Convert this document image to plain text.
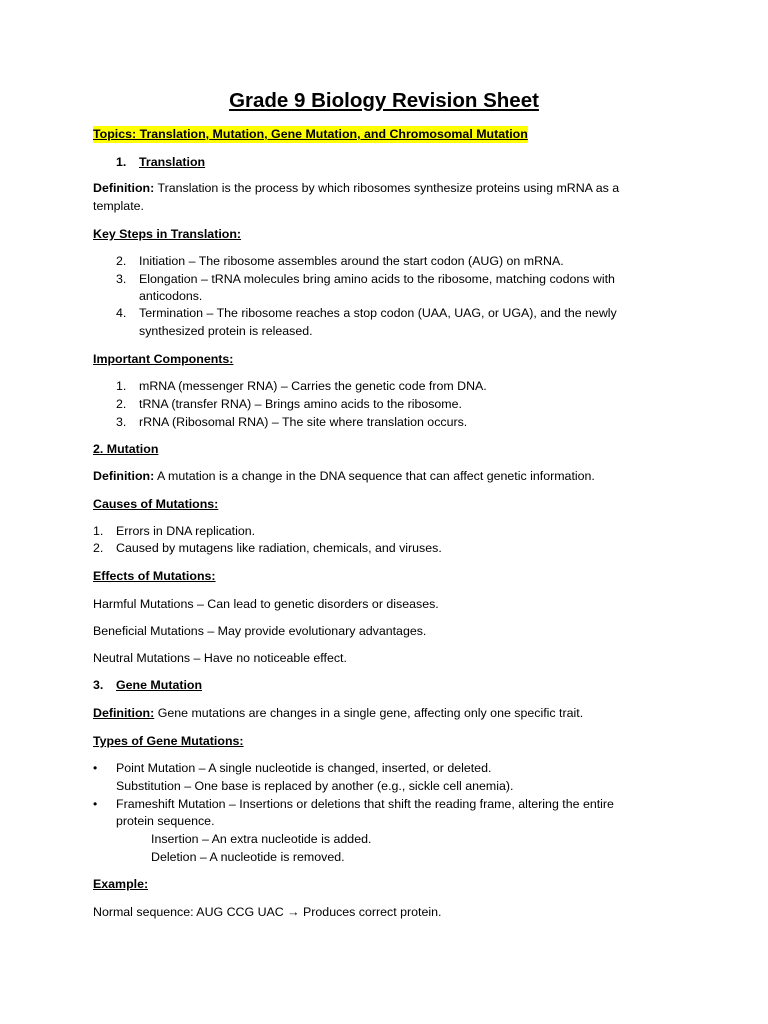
Grade 9 Biology Revision Sheet
Topics: Translation, Mutation, Gene Mutation, and Chromosomal Mutation
1. Translation
Definition: Translation is the process by which ribosomes synthesize proteins using mRNA as a
template.
Key Steps in Translation:
2. Initiation – The ribosome assembles around the start codon (AUG) on mRNA.
3. Elongation – tRNA molecules bring amino acids to the ribosome, matching codons with
anticodons.
4. Termination – The ribosome reaches a stop codon (UAA, UAG, or UGA), and the newly
synthesized protein is released.
Important Components:
1. mRNA (messenger RNA) – Carries the genetic code from DNA.
2. tRNA (transfer RNA) – Brings amino acids to the ribosome.
3. rRNA (Ribosomal RNA) – The site where translation occurs.
2. Mutation
Definition: A mutation is a change in the DNA sequence that can affect genetic information.
Causes of Mutations:
1. Errors in DNA replication.
2. Caused by mutagens like radiation, chemicals, and viruses.
Effects of Mutations:
Harmful Mutations – Can lead to genetic disorders or diseases.
Beneficial Mutations – May provide evolutionary advantages.
Neutral Mutations – Have no noticeable effect.
3. Gene Mutation
Definition: Gene mutations are changes in a single gene, affecting only one specific trait.
Types of Gene Mutations:
• Point Mutation – A single nucleotide is changed, inserted, or deleted.
Substitution – One base is replaced by another (e.g., sickle cell anemia).
• Frameshift Mutation – Insertions or deletions that shift the reading frame, altering the entire
protein sequence.
Insertion – An extra nucleotide is added.
Deletion – A nucleotide is removed.
Example:
Normal sequence: AUG CCG UAC → Produces correct protein.
